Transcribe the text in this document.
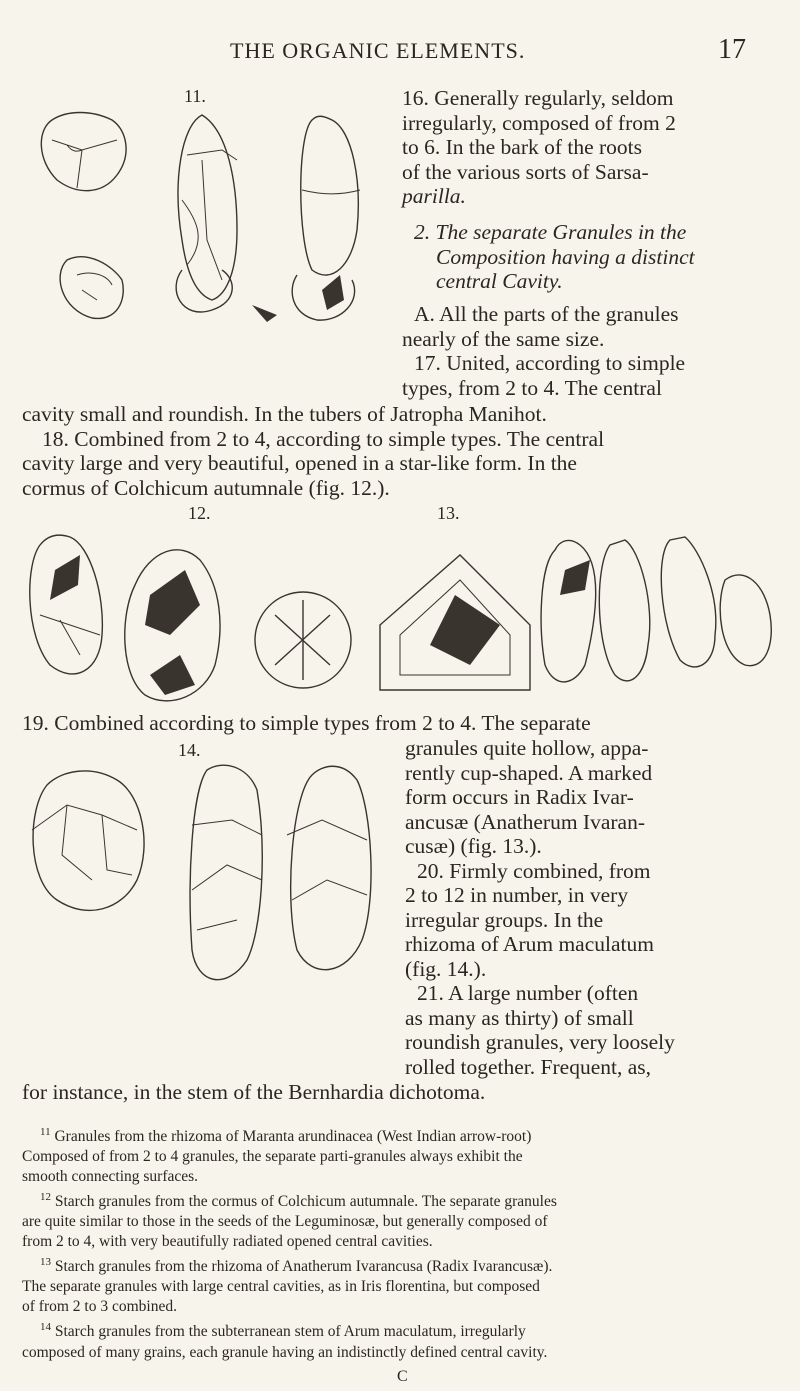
THE ORGANIC ELEMENTS.	17
11.	16. Generally regularly, seldom

irregularly, composed of from 2

to 6. In the bark of the roots

of the various sorts of Sarsa-

parilla.

2. The separate Granules in the

Composition having a distinct

central Cavity.

A. All the parts of the granules

nearly of the same size.

17. United, according to simple

types, from 2 to 4. The central

cavity small and roundish. In the tubers of Jatropha Manihot.

18. Combined from 2 to 4, according to simple types. The central

cavity large and very beautiful, opened in a star-like form. In the

cormus of Colchicum autumnale (fig. 12.).

12.	13.

19. Combined according to simple types from 2 to 4. The separate

14.	granules quite hollow, appa-

rently cup-shaped. A marked

form occurs in Radix Ivar-

ancusæ (Anatherum Ivaran-

cusæ) (fig. 13.).

20. Firmly combined, from

2 to 12 in number, in very

irregular groups. In the

rhizoma of Arum maculatum

(fig. 14.).

21. A large number (often

as many as thirty) of small

roundish granules, very loosely

rolled together. Frequent, as,

for instance, in the stem of the Bernhardia dichotoma.

$^{11}$ Granules from the rhizoma of Maranta arundinacea (West Indian arrow-root)

Composed of from 2 to 4 granules, the separate parti-granules always exhibit the

smooth connecting surfaces.

$^{12}$ Starch granules from the cormus of Colchicum autumnale. The separate granules

are quite similar to those in the seeds of the Leguminosæ, but generally composed of

from 2 to 4, with very beautifully radiated opened central cavities.

$^{13}$ Starch granules from the rhizoma of Anatherum Ivarancusa (Radix Ivarancusæ).

The separate granules with large central cavities, as in Iris florentina, but composed

of from 2 to 3 combined.

$^{14}$ Starch granules from the subterranean stem of Arum maculatum, irregularly

composed of many grains, each granule having an indistinctly defined central cavity.

C
